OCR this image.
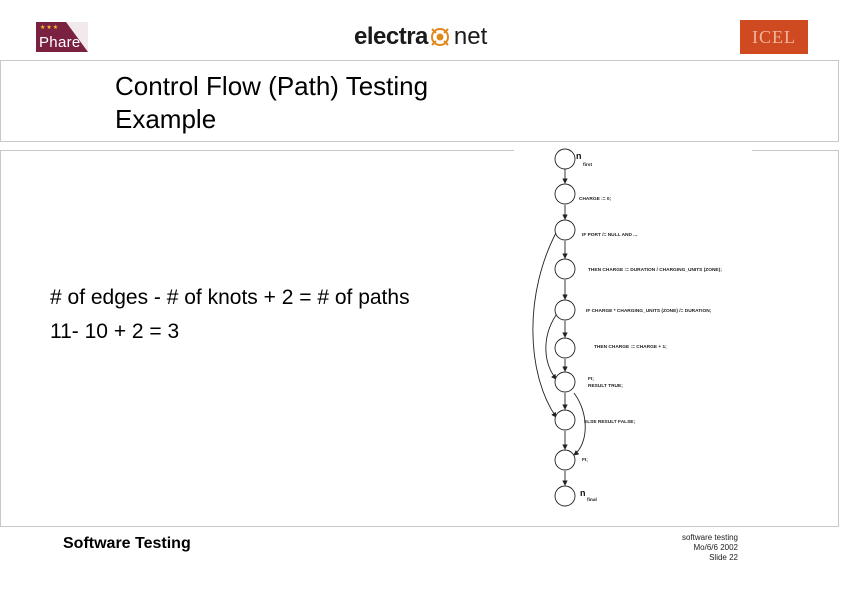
★★★
Phare	electra net	ICEL
Control Flow (Path) Testing
Example
# of edges - # of knots + 2 = # of paths
11- 10 + 2 = 3
n
first
CHARGE := 0;
IF PORT /= NULL AND ...
THEN CHARGE := DURATION / CHARGING_UNITS (ZONE);
IF CHARGE * CHARGING_UNITS (ZONE) /= DURATION;
THEN CHARGE := CHARGE + 1;
FI;
RESULT TRUE;
ELSE RESULT FALSE;
FI;
n
final
Software Testing	software testing
Mo/6/6 2002
Slide 22
